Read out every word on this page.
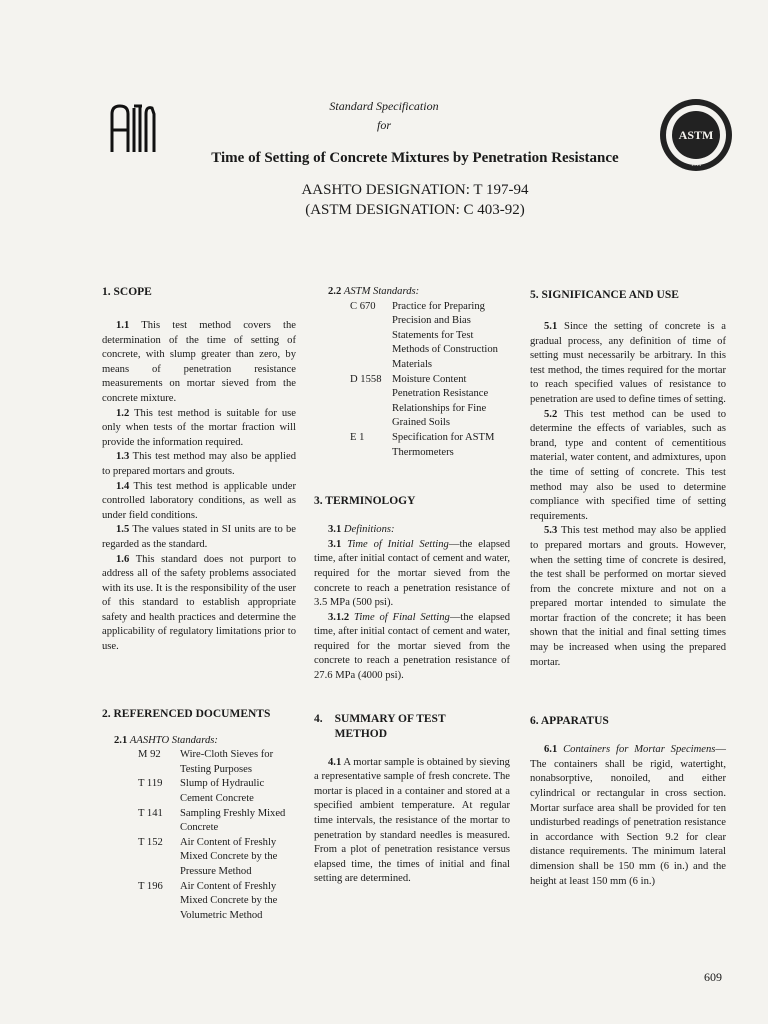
Standard Specification
for
Time of Setting of Concrete Mixtures by Penetration Resistance
AASHTO DESIGNATION: T 197-94
(ASTM DESIGNATION: C 403-92)
ASTM
1914
1. SCOPE

1.1 This test method covers the determination of the time of setting of concrete, with slump greater than zero, by means of penetration resistance measurements on mortar sieved from the concrete mixture.

1.2 This test method is suitable for use only when tests of the mortar fraction will provide the information required.

1.3 This test method may also be applied to prepared mortars and grouts.

1.4 This test method is applicable under controlled laboratory conditions, as well as under field conditions.

1.5 The values stated in SI units are to be regarded as the standard.

1.6 This standard does not purport to address all of the safety problems associated with its use. It is the responsibility of the user of this standard to establish appropriate safety and health practices and determine the applicability of regulatory limitations prior to use.

2. REFERENCED DOCUMENTS
2.1 AASHTO Standards:
M 92	Wire-Cloth Sieves for Testing Purposes
T 119	Slump of Hydraulic Cement Concrete
T 141	Sampling Freshly Mixed Concrete
T 152	Air Content of Freshly Mixed Concrete by the Pressure Method
T 196	Air Content of Freshly Mixed Concrete by the Volumetric Method
2.2 ASTM Standards:
C 670	Practice for Preparing Precision and Bias Statements for Test Methods of Construction Materials
D 1558 Moisture Content Penetration Resistance Relationships for Fine Grained Soils
E 1	Specification for ASTM Thermometers
3. TERMINOLOGY

3.1 Definitions:

3.1 Time of Initial Setting—the elapsed time, after initial contact of cement and water, required for the mortar sieved from the concrete to reach a penetration resistance of 3.5 MPa (500 psi).

3.1.2 Time of Final Setting—the elapsed time, after initial contact of cement and water, required for the mortar sieved from the concrete to reach a penetration resistance of 27.6 MPa (4000 psi).

4. SUMMARY OF TEST METHOD

4.1 A mortar sample is obtained by sieving a representative sample of fresh concrete. The mortar is placed in a container and stored at a specified ambient temperature. At regular time intervals, the resistance of the mortar to penetration by standard needles is measured. From a plot of penetration resistance versus elapsed time, the times of initial and final setting are determined.

5. SIGNIFICANCE AND USE

5.1 Since the setting of concrete is a gradual process, any definition of time of setting must necessarily be arbitrary. In this test method, the times required for the mortar to reach specified values of resistance to penetration are used to define times of setting.

5.2 This test method can be used to determine the effects of variables, such as brand, type and content of cementitious material, water content, and admixtures, upon the time of setting of concrete. This test method may also be used to determine compliance with specified time of setting requirements.

5.3 This test method may also be applied to prepared mortars and grouts. However, when the setting time of concrete is desired, the test shall be performed on mortar sieved from the concrete mixture and not on a prepared mortar intended to simulate the mortar fraction of the concrete; it has been shown that the initial and final setting times may be increased when using the prepared mortar.

6. APPARATUS

6.1 Containers for Mortar Specimens—The containers shall be rigid, watertight, nonabsorptive, nonoiled, and either cylindrical or rectangular in cross section. Mortar surface area shall be provided for ten undisturbed readings of penetration resistance in accordance with Section 9.2 for clear distance requirements. The minimum lateral dimension shall be 150 mm (6 in.) and the height at least 150 mm (6 in.)

609
